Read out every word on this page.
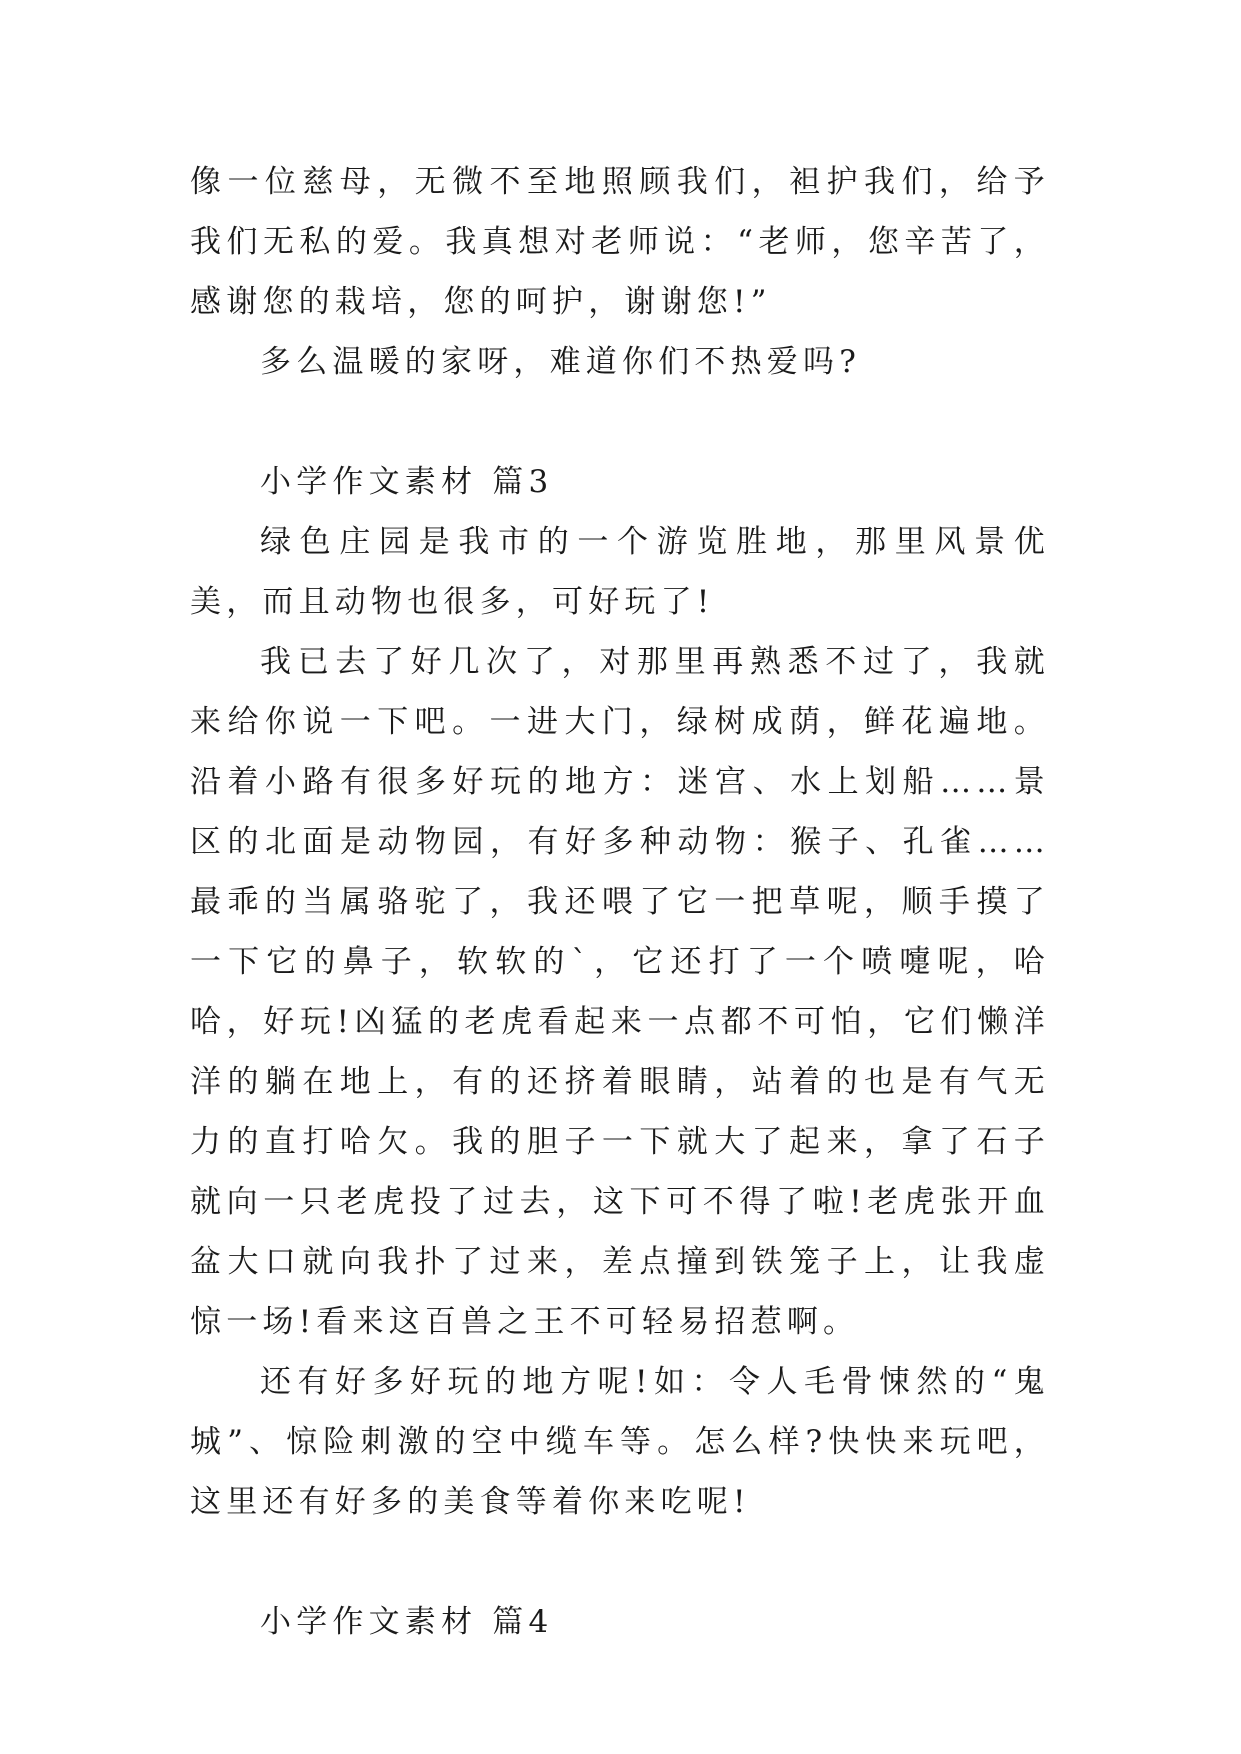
像一位慈母，无微不至地照顾我们，袒护我们，给予我们无私的爱。我真想对老师说：“老师，您辛苦了，感谢您的栽培，您的呵护，谢谢您!”

多么温暖的家呀，难道你们不热爱吗?

小学作文素材 篇3

绿色庄园是我市的一个游览胜地，那里风景优美，而且动物也很多，可好玩了!

我已去了好几次了，对那里再熟悉不过了，我就来给你说一下吧。一进大门，绿树成荫，鲜花遍地。沿着小路有很多好玩的地方：迷宫、水上划船……景区的北面是动物园，有好多种动物：猴子、孔雀……最乖的当属骆驼了，我还喂了它一把草呢，顺手摸了一下它的鼻子，软软的`，它还打了一个喷嚏呢，哈哈，好玩!凶猛的老虎看起来一点都不可怕，它们懒洋洋的躺在地上，有的还挤着眼睛，站着的也是有气无力的直打哈欠。我的胆子一下就大了起来，拿了石子就向一只老虎投了过去，这下可不得了啦!老虎张开血盆大口就向我扑了过来，差点撞到铁笼子上，让我虚惊一场!看来这百兽之王不可轻易招惹啊。

还有好多好玩的地方呢!如：令人毛骨悚然的“鬼城”、惊险刺激的空中缆车等。怎么样?快快来玩吧，这里还有好多的美食等着你来吃呢!

小学作文素材 篇4
